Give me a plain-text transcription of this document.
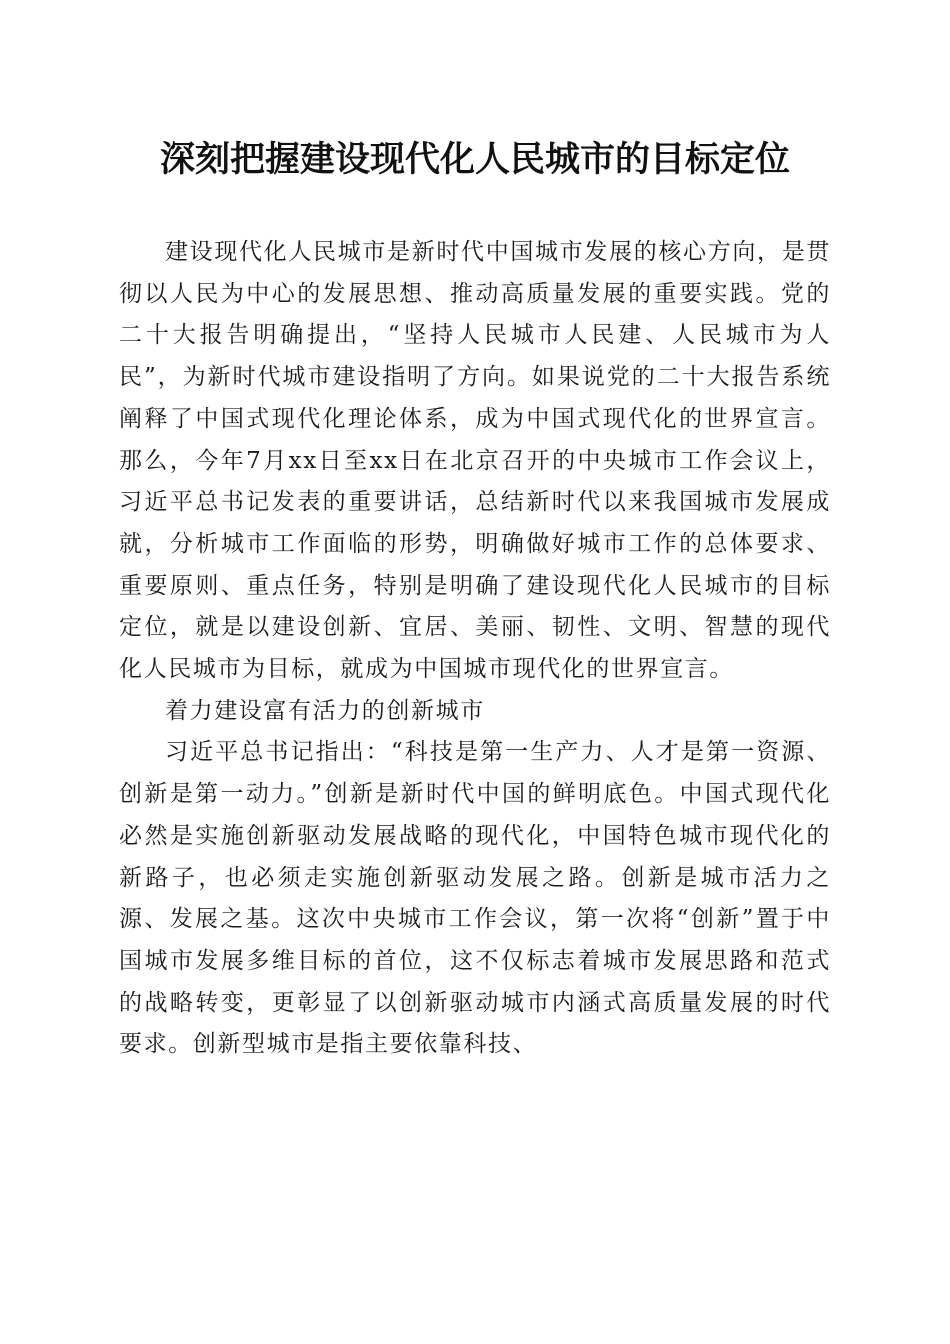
深刻把握建设现代化人民城市的目标定位

建设现代化人民城市是新时代中国城市发展的核心方向，是贯彻以人民为中心的发展思想、推动高质量发展的重要实践。党的二十大报告明确提出，“坚持人民城市人民建、人民城市为人民”，为新时代城市建设指明了方向。如果说党的二十大报告系统阐释了中国式现代化理论体系，成为中国式现代化的世界宣言。那么，今年7月xx日至xx日在北京召开的中央城市工作会议上，习近平总书记发表的重要讲话，总结新时代以来我国城市发展成就，分析城市工作面临的形势，明确做好城市工作的总体要求、重要原则、重点任务，特别是明确了建设现代化人民城市的目标定位，就是以建设创新、宜居、美丽、韧性、文明、智慧的现代化人民城市为目标，就成为中国城市现代化的世界宣言。

着力建设富有活力的创新城市

习近平总书记指出：“科技是第一生产力、人才是第一资源、创新是第一动力。”创新是新时代中国的鲜明底色。中国式现代化必然是实施创新驱动发展战略的现代化，中国特色城市现代化的新路子，也必须走实施创新驱动发展之路。创新是城市活力之源、发展之基。这次中央城市工作会议，第一次将“创新”置于中国城市发展多维目标的首位，这不仅标志着城市发展思路和范式的战略转变，更彰显了以创新驱动城市内涵式高质量发展的时代要求。创新型城市是指主要依靠科技、
